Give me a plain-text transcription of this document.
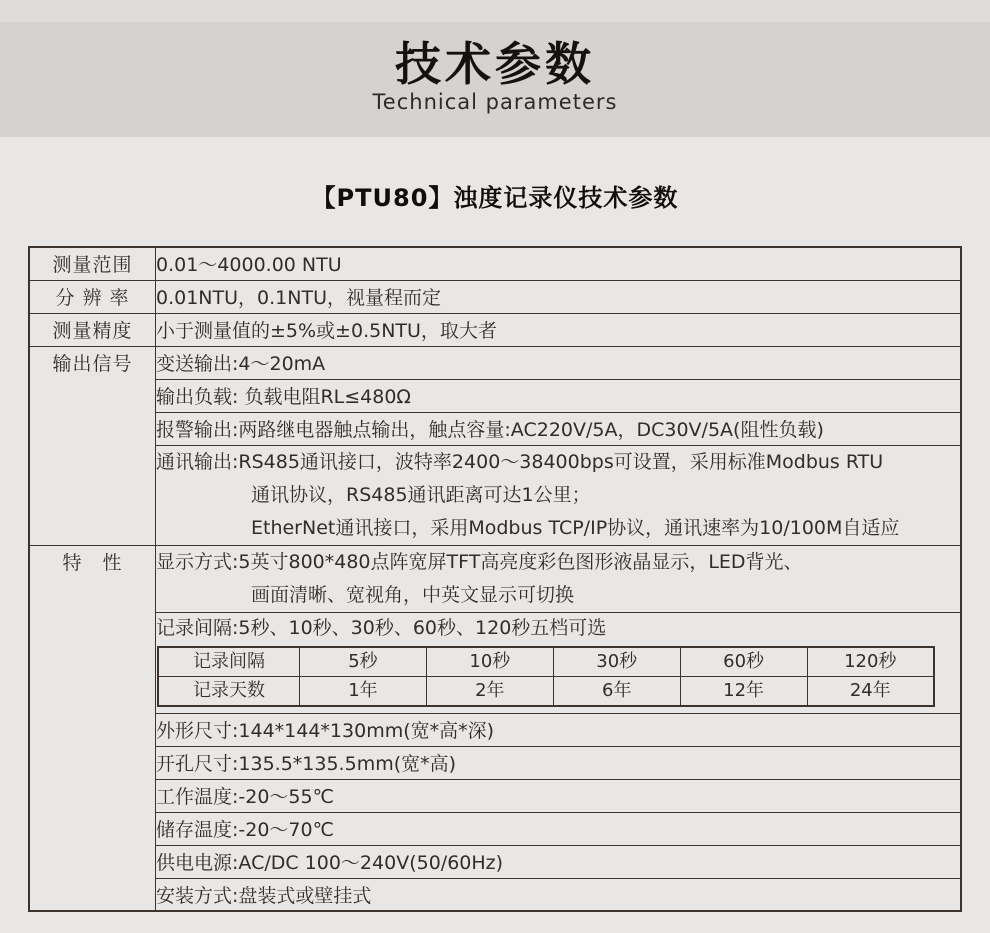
技术参数
Technical parameters
【PTU80】浊度记录仪技术参数
测量范围	0.01～4000.00 NTU
分 辨 率	0.01NTU，0.1NTU，视量程而定
测量精度	小于测量值的±5%或±0.5NTU，取大者
输出信号	变送输出:4～20mA
输出负载: 负载电阻RL≤480Ω
报警输出:两路继电器触点输出，触点容量:AC220V/5A，DC30V/5A(阻性负载)

通讯输出:RS485通讯接口，波特率2400～38400bps可设置，采用标准Modbus RTU
通讯协议，RS485通讯距离可达1公里；
EtherNet通讯接口，采用Modbus TCP/IP协议，通讯速率为10/100M自适应

特　性	显示方式:5英寸800*480点阵宽屏TFT高亮度彩色图形液晶显示，LED背光、
画面清晰、宽视角，中英文显示可切换

记录间隔:5秒、10秒、30秒、60秒、120秒五档可选
记录间隔	5秒	10秒	30秒	60秒	120秒
记录天数	1年	2年	6年	12年	24年

外形尺寸:144*144*130mm(宽*高*深)
开孔尺寸:135.5*135.5mm(宽*高)
工作温度:-20～55℃
储存温度:-20～70℃
供电电源:AC/DC 100～240V(50/60Hz)
安装方式:盘装式或壁挂式
